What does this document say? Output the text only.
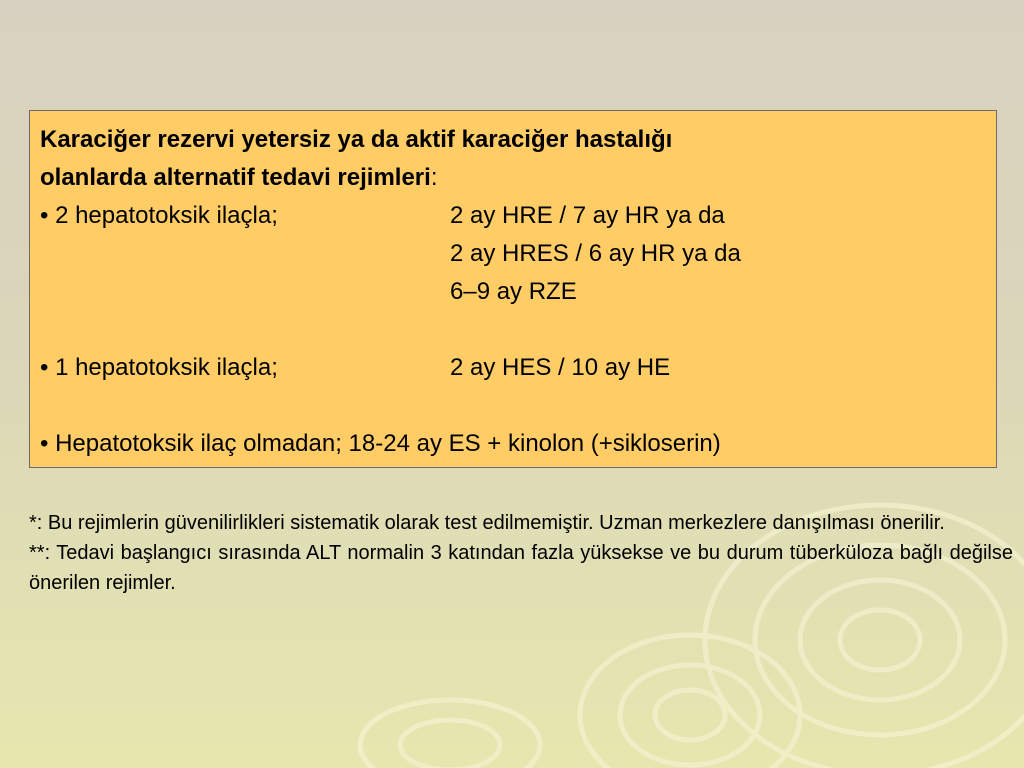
Karaciğer rezervi yetersiz ya da aktif karaciğer hastalığı
olanlarda alternatif tedavi rejimleri:
• 2 hepatotoksik ilaçla;	2 ay HRE / 7 ay HR ya da
2 ay HRES / 6 ay HR ya da
6–9 ay RZE
• 1 hepatotoksik ilaçla;	2 ay HES / 10 ay HE
• Hepatotoksik ilaç olmadan; 18-24 ay ES + kinolon (+sikloserin)

*: Bu rejimlerin güvenilirlikleri sistematik olarak test edilmemiştir. Uzman merkezlere danışılması önerilir.

**: Tedavi başlangıcı sırasında ALT normalin 3 katından fazla yüksekse ve bu durum tüberküloza bağlı değilse önerilen rejimler.
